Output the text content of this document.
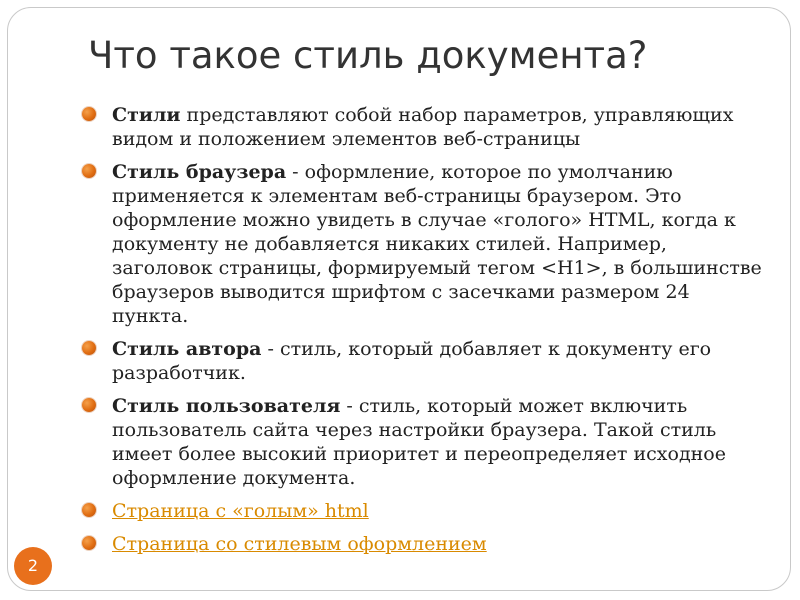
Что такое стиль документа?
Стили представляют собой набор параметров, управляющих видом и положением элементов веб-страницы
Стиль браузера - оформление, которое по умолчанию применяется к элементам веб-страницы браузером. Это оформление можно увидеть в случае «голого» HTML, когда к документу не добавляется никаких стилей. Например, заголовок страницы, формируемый тегом <H1>, в большинстве браузеров выводится шрифтом с засечками размером 24 пункта.
Стиль автора - стиль, который добавляет к документу его разработчик.
Стиль пользователя - стиль, который может включить пользователь сайта через настройки браузера. Такой стиль имеет более высокий приоритет и переопределяет исходное оформление документа.
Страница с «голым» html
Страница со стилевым оформлением
2
